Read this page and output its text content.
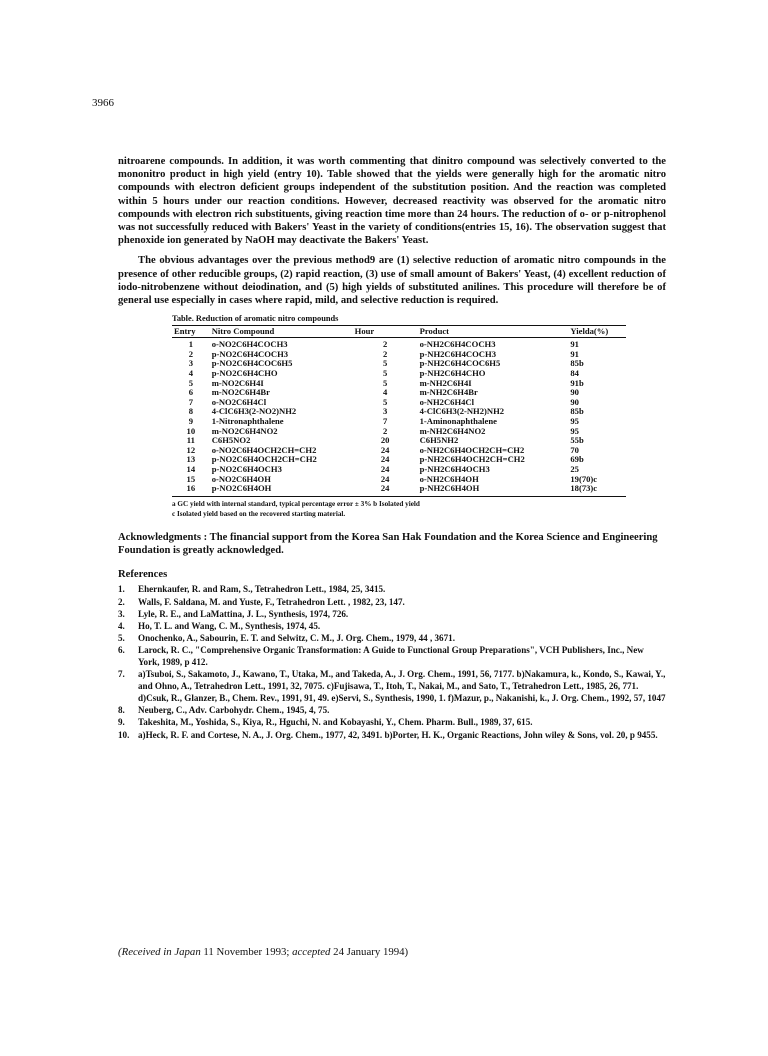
3966

nitroarene compounds. In addition, it was worth commenting that dinitro compound was selectively converted to the mononitro product in high yield (entry 10). Table showed that the yields were generally high for the aromatic nitro compounds with electron deficient groups independent of the substitution position. And the reaction was completed within 5 hours under our reaction conditions. However, decreased reactivity was observed for the aromatic nitro compounds with electron rich substituents, giving reaction time more than 24 hours. The reduction of o- or p-nitrophenol was not successfully reduced with Bakers' Yeast in the variety of conditions(entries 15, 16). The observation suggest that phenoxide ion generated by NaOH may deactivate the Bakers' Yeast.

The obvious advantages over the previous method9 are (1) selective reduction of aromatic nitro compounds in the presence of other reducible groups, (2) rapid reaction, (3) use of small amount of Bakers' Yeast, (4) excellent reduction of iodo-nitrobenzene without deiodination, and (5) high yields of substituted anilines. This procedure will therefore be of general use especially in cases where rapid, mild, and selective reduction is required.

Table. Reduction of aromatic nitro compounds
Entry	Nitro Compound	Hour	Product	Yielda(%)
1	o-NO2C6H4COCH3	2	o-NH2C6H4COCH3	91
2	p-NO2C6H4COCH3	2	p-NH2C6H4COCH3	91
3	p-NO2C6H4COC6H5	5	p-NH2C6H4COC6H5	85b
4	p-NO2C6H4CHO	5	p-NH2C6H4CHO	84
5	m-NO2C6H4I	5	m-NH2C6H4I	91b
6	m-NO2C6H4Br	4	m-NH2C6H4Br	90
7	o-NO2C6H4Cl	5	o-NH2C6H4Cl	90
8	4-ClC6H3(2-NO2)NH2	3	4-ClC6H3(2-NH2)NH2	85b
9	1-Nitronaphthalene	7	1-Aminonaphthalene	95
10	m-NO2C6H4NO2	2	m-NH2C6H4NO2	95
11	C6H5NO2	20	C6H5NH2	55b
12	o-NO2C6H4OCH2CH=CH2	24	o-NH2C6H4OCH2CH=CH2	70
13	p-NO2C6H4OCH2CH=CH2	24	p-NH2C6H4OCH2CH=CH2	69b
14	p-NO2C6H4OCH3	24	p-NH2C6H4OCH3	25
15	o-NO2C6H4OH	24	o-NH2C6H4OH	19(70)c
16	p-NO2C6H4OH	24	p-NH2C6H4OH	18(73)c
a GC yield with internal standard, typical percentage error ± 3% b Isolated yield
c Isolated yield based on the recovered starting material.
Acknowledgments : The financial support from the Korea San Hak Foundation and the Korea Science and Engineering Foundation is greatly acknowledged.
References
1. Ehernkaufer, R. and Ram, S., Tetrahedron Lett., 1984, 25, 3415.
2. Walls, F. Saldana, M. and Yuste, F., Tetrahedron Lett. , 1982, 23, 147.
3. Lyle, R. E., and LaMattina, J. L., Synthesis, 1974, 726.
4. Ho, T. L. and Wang, C. M., Synthesis, 1974, 45.
5. Onochenko, A., Sabourin, E. T. and Selwitz, C. M., J. Org. Chem., 1979, 44 , 3671.
6. Larock, R. C., "Comprehensive Organic Transformation: A Guide to Functional Group Preparations", VCH Publishers, Inc., New York, 1989, p 412.
7. a)Tsuboi, S., Sakamoto, J., Kawano, T., Utaka, M., and Takeda, A., J. Org. Chem., 1991, 56, 7177. b)Nakamura, k., Kondo, S., Kawai, Y., and Ohno, A., Tetrahedron Lett., 1991, 32, 7075. c)Fujisawa, T., Itoh, T., Nakai, M., and Sato, T., Tetrahedron Lett., 1985, 26, 771. d)Csuk, R., Glanzer, B., Chem. Rev., 1991, 91, 49. e)Servi, S., Synthesis, 1990, 1. f)Mazur, p., Nakanishi, k., J. Org. Chem., 1992, 57, 1047
8. Neuberg, C., Adv. Carbohydr. Chem., 1945, 4, 75.
9. Takeshita, M., Yoshida, S., Kiya, R., Hguchi, N. and Kobayashi, Y., Chem. Pharm. Bull., 1989, 37, 615.
10. a)Heck, R. F. and Cortese, N. A., J. Org. Chem., 1977, 42, 3491. b)Porter, H. K., Organic Reactions, John wiley & Sons, vol. 20, p 9455.
(Received in Japan 11 November 1993; accepted 24 January 1994)
